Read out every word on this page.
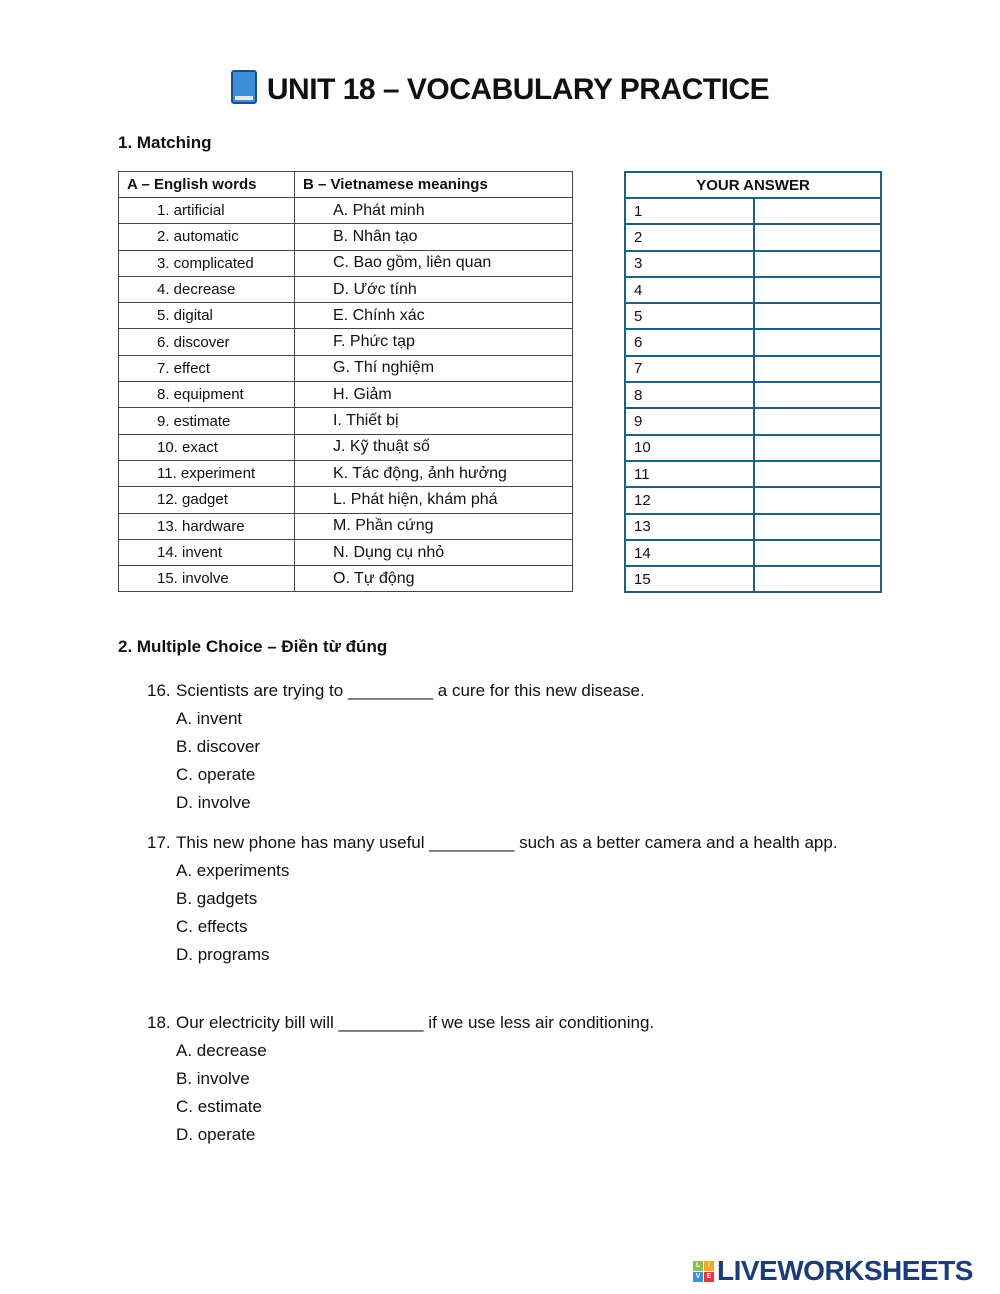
UNIT 18 – VOCABULARY PRACTICE
1. Matching
A – English words	B – Vietnamese meanings
1. artificial	A. Phát minh
2. automatic	B. Nhân tạo
3. complicated	C. Bao gồm, liên quan
4. decrease	D. Ước tính
5. digital	E. Chính xác
6. discover	F. Phức tạp
7. effect	G. Thí nghiệm
8. equipment	H. Giảm
9. estimate	I. Thiết bị
10. exact	J. Kỹ thuật số
11. experiment	K. Tác động, ảnh hưởng
12. gadget	L. Phát hiện, khám phá
13. hardware	M. Phần cứng
14. invent	N. Dụng cụ nhỏ
15. involve	O. Tự động
YOUR ANSWER	
1	
2	
3	
4	
5	
6	
7	
8	
9	
10	
11	
12	
13	
14	
15	
2. Multiple Choice – Điền từ đúng
16. Scientists are trying to _________ a cure for this new disease.
A. invent
B. discover
C. operate
D. involve
17. This new phone has many useful _________ such as a better camera and a health app.
A. experiments
B. gadgets
C. effects
D. programs
18. Our electricity bill will _________ if we use less air conditioning.
A. decrease
B. involve
C. estimate
D. operate
L	I
V E LIVEWORKSHEETS
